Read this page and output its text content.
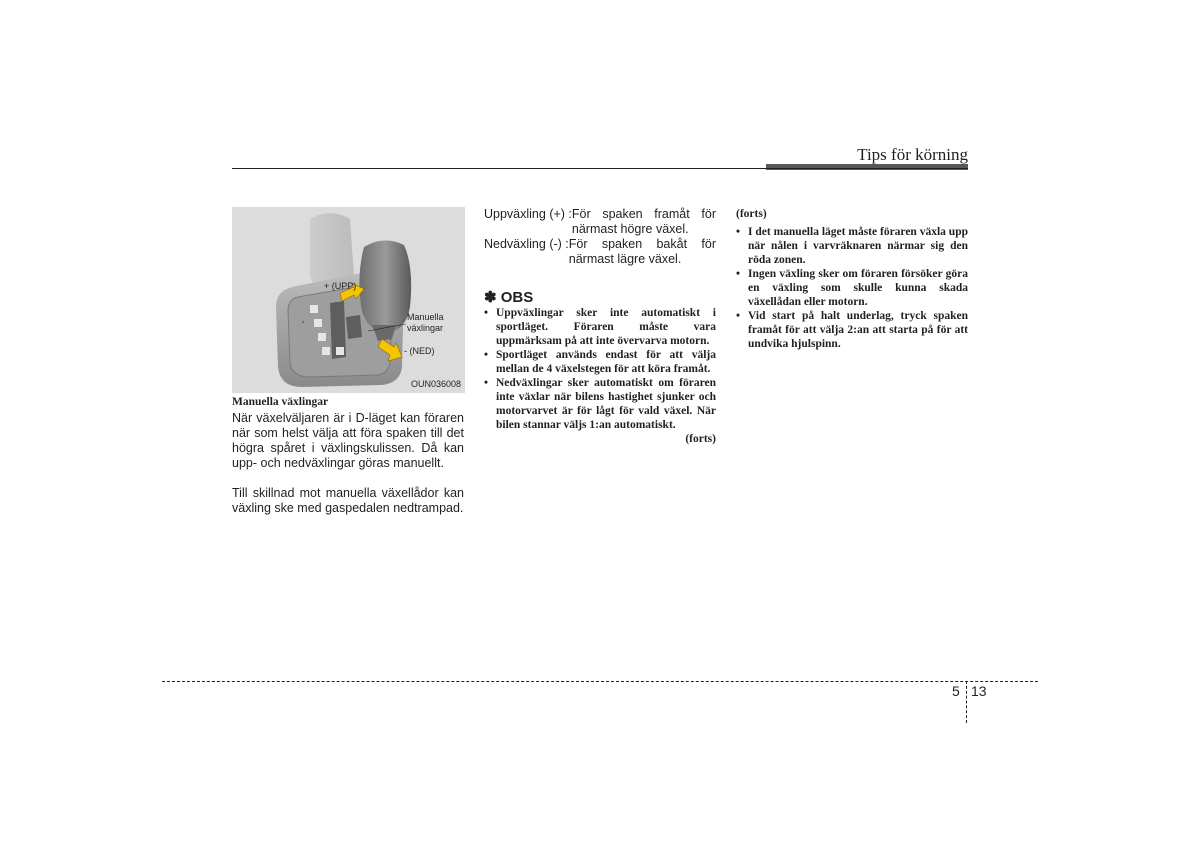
Tips för körning
+ (UPP)
Manuella
växlingar
- (NED)
OUN036008
Manuella växlingar
När växelväljaren är i D-läget kan föraren när som helst välja att föra spaken till det högra spåret i växlingskulissen. Då kan upp- och nedväxlingar göras manuellt.
Till skillnad mot manuella växellådor kan växling ske med gaspedalen nedtrampad.
Uppväxling (+) : För spaken framåt för närmast högre växel.
Nedväxling (-) : För spaken bakåt för närmast lägre växel.
✽ OBS
• Uppväxlingar sker inte automatiskt i sportläget. Föraren måste vara uppmärksam på att inte övervarva motorn.
• Sportläget används endast för att välja mellan de 4 växelstegen för att köra framåt.
• Nedväxlingar sker automatiskt om föraren inte växlar när bilens hastighet sjunker och motorvarvet är för lågt för vald växel. När bilen stannar väljs 1:an automatiskt.
(forts)
(forts)
• I det manuella läget måste föraren växla upp när nålen i varvräknaren närmar sig den röda zonen.
• Ingen växling sker om föraren försöker göra en växling som skulle kunna skada växellådan eller motorn.
• Vid start på halt underlag, tryck spaken framåt för att välja 2:an att starta på för att undvika hjulspinn.
5 13
